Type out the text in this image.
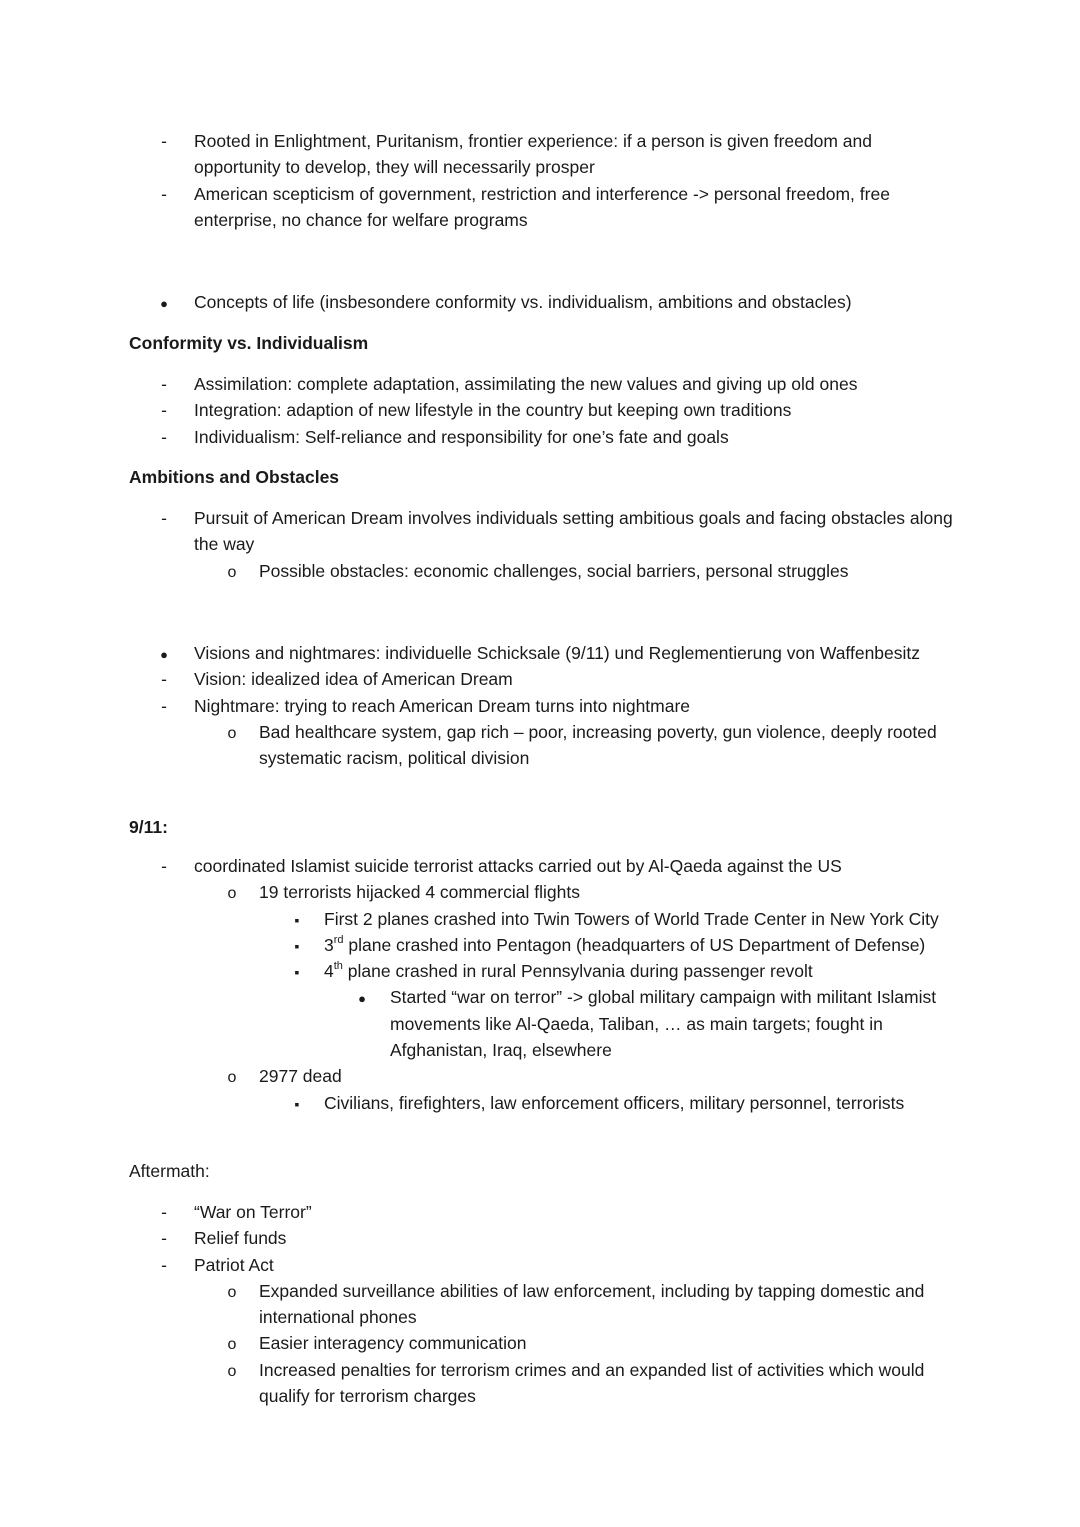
-
Rooted in Enlightment, Puritanism, frontier experience: if a person is given freedom and opportunity to develop, they will necessarily prosper
-
American scepticism of government, restriction and interference -> personal freedom, free enterprise, no chance for welfare programs
●
Concepts of life (insbesondere conformity vs. individualism, ambitions and obstacles)
Conformity vs. Individualism
-
Assimilation: complete adaptation, assimilating the new values and giving up old ones
-
Integration: adaption of new lifestyle in the country but keeping own traditions
-
Individualism: Self-reliance and responsibility for one’s fate and goals
Ambitions and Obstacles
-
Pursuit of American Dream involves individuals setting ambitious goals and facing obstacles along the way
o
Possible obstacles: economic challenges, social barriers, personal struggles
●
Visions and nightmares: individuelle Schicksale (9/11) und Reglementierung von Waffenbesitz
-
Vision: idealized idea of American Dream
-
Nightmare: trying to reach American Dream turns into nightmare
o
Bad healthcare system, gap rich – poor, increasing poverty, gun violence, deeply rooted systematic racism, political division
9/11:
-
coordinated Islamist suicide terrorist attacks carried out by Al-Qaeda against the US
o
19 terrorists hijacked 4 commercial flights
▪
First 2 planes crashed into Twin Towers of World Trade Center in New York City
▪
3rd plane crashed into Pentagon (headquarters of US Department of Defense)
▪
4th plane crashed in rural Pennsylvania during passenger revolt
●
Started “war on terror” -> global military campaign with militant Islamist movements like Al-Qaeda, Taliban, … as main targets; fought in Afghanistan, Iraq, elsewhere
o
2977 dead
▪
Civilians, firefighters, law enforcement officers, military personnel, terrorists
Aftermath:
-
“War on Terror”
-
Relief funds
-
Patriot Act
o
Expanded surveillance abilities of law enforcement, including by tapping domestic and international phones
o
Easier interagency communication
o
Increased penalties for terrorism crimes and an expanded list of activities which would qualify for terrorism charges
